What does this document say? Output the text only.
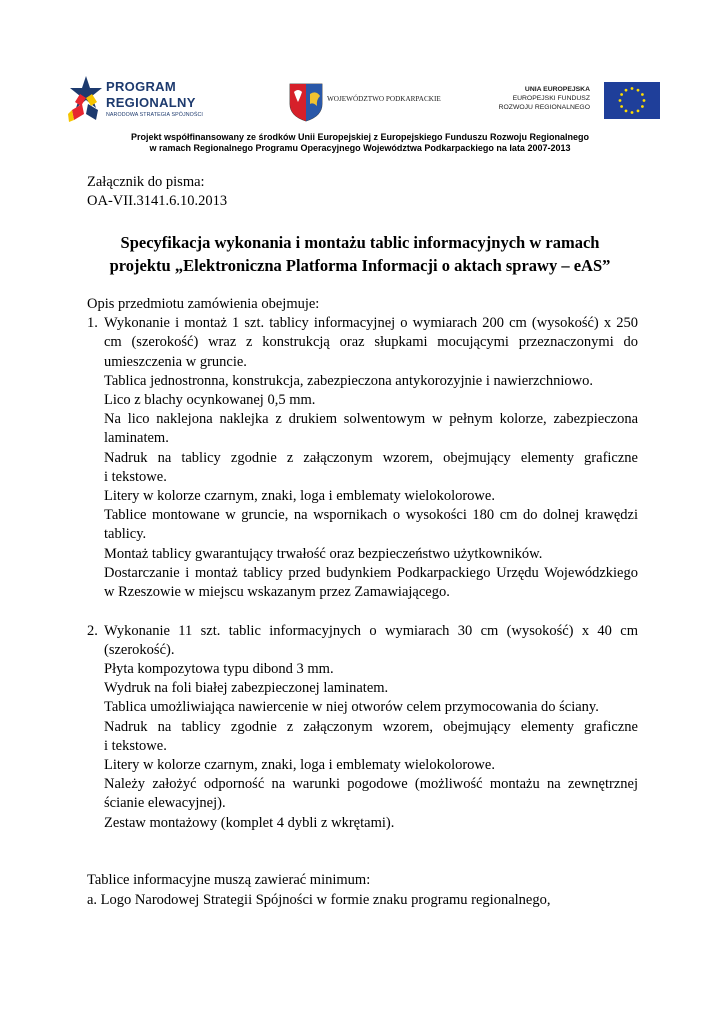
PROGRAM
REGIONALNY
NARODOWA STRATEGIA SPÓJNOŚCI
WOJEWÓDZTWO PODKARPACKIE
UNIA EUROPEJSKA
EUROPEJSKI FUNDUSZ
ROZWOJU REGIONALNEGO
Projekt współfinansowany ze środków Unii Europejskiej z Europejskiego Funduszu Rozwoju Regionalnego
w ramach Regionalnego Programu Operacyjnego Województwa Podkarpackiego na lata 2007-2013
Załącznik do pisma:
OA-VII.3141.6.10.2013
Specyfikacja wykonania i montażu tablic informacyjnych w ramach
projektu „Elektroniczna Platforma Informacji o aktach sprawy – eAS”
Opis przedmiotu zamówienia obejmuje:
1. Wykonanie i montaż 1 szt. tablicy informacyjnej o wymiarach 200 cm (wysokość) x 250
cm (szerokość) wraz z konstrukcją oraz słupkami mocującymi przeznaczonymi do
umieszczenia w gruncie.
Tablica jednostronna, konstrukcja, zabezpieczona antykorozyjnie i nawierzchniowo.
Lico z blachy ocynkowanej 0,5 mm.
Na lico naklejona naklejka z drukiem solwentowym w pełnym kolorze, zabezpieczona
laminatem.
Nadruk na tablicy zgodnie z załączonym wzorem, obejmujący elementy graficzne
i tekstowe.
Litery w kolorze czarnym, znaki, loga i emblematy wielokolorowe.
Tablice montowane w gruncie, na wspornikach o wysokości 180 cm do dolnej krawędzi
tablicy.
Montaż tablicy gwarantujący trwałość oraz bezpieczeństwo użytkowników.
Dostarczanie i montaż tablicy przed budynkiem Podkarpackiego Urzędu Wojewódzkiego
w Rzeszowie w miejscu wskazanym przez Zamawiającego.
2. Wykonanie 11 szt. tablic informacyjnych o wymiarach 30 cm (wysokość) x 40 cm
(szerokość).
Płyta kompozytowa typu dibond 3 mm.
Wydruk na foli białej zabezpieczonej laminatem.
Tablica umożliwiająca nawiercenie w niej otworów celem przymocowania do ściany.
Nadruk na tablicy zgodnie z załączonym wzorem, obejmujący elementy graficzne
i tekstowe.
Litery w kolorze czarnym, znaki, loga i emblematy wielokolorowe.
Należy założyć odporność na warunki pogodowe (możliwość montażu na zewnętrznej
ścianie elewacyjnej).
Zestaw montażowy (komplet 4 dybli z wkrętami).
Tablice informacyjne muszą zawierać minimum:
a. Logo Narodowej Strategii Spójności w formie znaku programu regionalnego,
